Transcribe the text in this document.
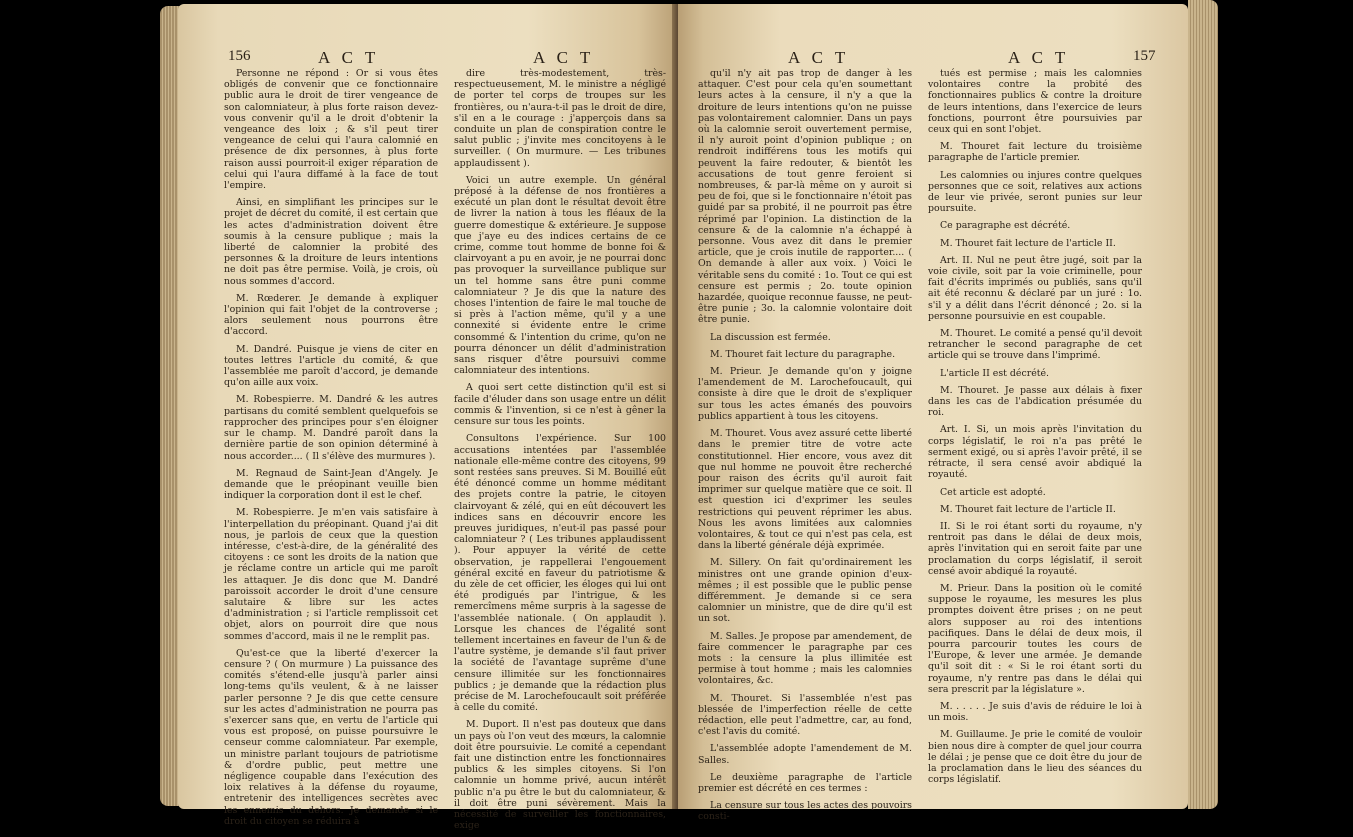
156	A C T	A C T

Personne ne répond : Or si vous êtes obligés de convenir que ce fonctionnaire public aura le droit de tirer vengeance de son calomniateur, à plus forte raison devez-vous convenir qu'il a le droit d'obtenir la vengeance des loix ; & s'il peut tirer vengeance de celui qui l'aura calomnié en présence de dix personnes, à plus forte raison aussi pourroit-il exiger réparation de celui qui l'aura diffamé à la face de tout l'empire.

Ainsi, en simplifiant les principes sur le projet de décret du comité, il est certain que les actes d'administration doivent être soumis à la censure publique ; mais la liberté de calomnier la probité des personnes & la droiture de leurs intentions ne doit pas être permise. Voilà, je crois, où nous sommes d'accord.

M. Rœderer. Je demande à expliquer l'opinion qui fait l'objet de la controverse ; alors seulement nous pourrons être d'accord.

M. Dandré. Puisque je viens de citer en toutes lettres l'article du comité, & que l'assemblée me paroît d'accord, je demande qu'on aille aux voix.

M. Robespierre. M. Dandré & les autres partisans du comité semblent quelquefois se rapprocher des principes pour s'en éloigner sur le champ. M. Dandré paroît dans la dernière partie de son opinion déterminé à nous accorder.... ( Il s'élève des murmures ).

M. Regnaud de Saint-Jean d'Angely. Je demande que le préopinant veuille bien indiquer la corporation dont il est le chef.

M. Robespierre. Je m'en vais satisfaire à l'interpellation du préopinant. Quand j'ai dit nous, je parlois de ceux que la question intéresse, c'est-à-dire, de la généralité des citoyens : ce sont les droits de la nation que je réclame contre un article qui me paroît les attaquer. Je dis donc que M. Dandré paroissoit accorder le droit d'une censure salutaire & libre sur les actes d'administration ; si l'article remplissoit cet objet, alors on pourroit dire que nous sommes d'accord, mais il ne le remplit pas.

Qu'est-ce que la liberté d'exercer la censure ? ( On murmure ) La puissance des comités s'étend-elle jusqu'à parler ainsi long-tems qu'ils veulent, & à ne laisser parler personne ? Je dis que cette censure sur les actes d'administration ne pourra pas s'exercer sans que, en vertu de l'article qui vous est proposé, on puisse poursuivre le censeur comme calomniateur. Par exemple, un ministre parlant toujours de patriotisme & d'ordre public, peut mettre une négligence coupable dans l'exécution des loix relatives à la défense du royaume, entretenir des intelligences secrètes avec les ennemis du dehors. Je demande si le droit du citoyen se réduira à

dire très-modestement, très-respectueusement, M. le ministre a négligé de porter tel corps de troupes sur les frontières, ou n'aura-t-il pas le droit de dire, s'il en a le courage : j'apperçois dans sa conduite un plan de conspiration contre le salut public ; j'invite mes concitoyens à le surveiller. ( On murmure. — Les tribunes applaudissent ).

Voici un autre exemple. Un général préposé à la défense de nos frontières a exécuté un plan dont le résultat devoit être de livrer la nation à tous les fléaux de la guerre domestique & extérieure. Je suppose que j'aye eu des indices certains de ce crime, comme tout homme de bonne foi & clairvoyant a pu en avoir, je ne pourrai donc pas provoquer la surveillance publique sur un tel homme sans être puni comme calomniateur ? Je dis que la nature des choses l'intention de faire le mal touche de si près à l'action même, qu'il y a une connexité si évidente entre le crime consommé & l'intention du crime, qu'on ne pourra dénoncer un délit d'administration sans risquer d'être poursuivi comme calomniateur des intentions.

A quoi sert cette distinction qu'il est si facile d'éluder dans son usage entre un délit commis & l'invention, si ce n'est à gêner la censure sur tous les points.

Consultons l'expérience. Sur 100 accusations intentées par l'assemblée nationale elle-même contre des citoyens, 99 sont restées sans preuves. Si M. Bouillé eût été dénoncé comme un homme méditant des projets contre la patrie, le citoyen clairvoyant & zélé, qui en eût découvert les indices sans en découvrir encore les preuves juridiques, n'eut-il pas passé pour calomniateur ? ( Les tribunes applaudissent ). Pour appuyer la vérité de cette observation, je rappellerai l'engouement général excité en faveur du patriotisme & du zèle de cet officier, les éloges qui lui ont été prodigués par l'intrigue, & les remercîmens même surpris à la sagesse de l'assemblée nationale. ( On applaudit ). Lorsque les chances de l'égalité sont tellement incertaines en faveur de l'un & de l'autre système, je demande s'il faut priver la société de l'avantage suprême d'une censure illimitée sur les fonctionnaires publics ; je demande que la rédaction plus précise de M. Larochefoucault soit préférée à celle du comité.

M. Duport. Il n'est pas douteux que dans un pays où l'on veut des mœurs, la calomnie doit être poursuivie. Le comité a cependant fait une distinction entre les fonctionnaires publics & les simples citoyens. Si l'on calomnie un homme privé, aucun intérêt public n'a pu être le but du calomniateur, & il doit être puni sévèrement. Mais la nécessité de surveiller les fonctionnaires, exige

A C T	A C T	157

qu'il n'y ait pas trop de danger à les attaquer. C'est pour cela qu'en soumettant leurs actes à la censure, il n'y a que la droiture de leurs intentions qu'on ne puisse pas volontairement calomnier. Dans un pays où la calomnie seroit ouvertement permise, il n'y auroit point d'opinion publique ; on rendroit indifférens tous les motifs qui peuvent la faire redouter, & bientôt les accusations de tout genre feroient si nombreuses, & par-là même on y auroit si peu de foi, que si le fonctionnaire n'étoit pas guidé par sa probité, il ne pourroit pas être réprimé par l'opinion. La distinction de la censure & de la calomnie n'a échappé à personne. Vous avez dit dans le premier article, que je crois inutile de rapporter.... ( On demande à aller aux voix. ) Voici le véritable sens du comité : 1o. Tout ce qui est censure est permis ; 2o. toute opinion hazardée, quoique reconnue fausse, ne peut-être punie ; 3o. la calomnie volontaire doit être punie.

La discussion est fermée.

M. Thouret fait lecture du paragraphe.

M. Prieur. Je demande qu'on y joigne l'amendement de M. Larochefoucault, qui consiste à dire que le droit de s'expliquer sur tous les actes émanés des pouvoirs publics appartient à tous les citoyens.

M. Thouret. Vous avez assuré cette liberté dans le premier titre de votre acte constitutionnel. Hier encore, vous avez dit que nul homme ne pouvoit être recherché pour raison des écrits qu'il auroit fait imprimer sur quelque matière que ce soit. Il est question ici d'exprimer les seules restrictions qui peuvent réprimer les abus. Nous les avons limitées aux calomnies volontaires, & tout ce qui n'est pas cela, est dans la liberté générale déjà exprimée.

M. Sillery. On fait qu'ordinairement les ministres ont une grande opinion d'eux-mêmes ; il est possible que le public pense différemment. Je demande si ce sera calomnier un ministre, que de dire qu'il est un sot.

M. Salles. Je propose par amendement, de faire commencer le paragraphe par ces mots : la censure la plus illimitée est permise à tout homme ; mais les calomnies volontaires, &c.

M. Thouret. Si l'assemblée n'est pas blessée de l'imperfection réelle de cette rédaction, elle peut l'admettre, car, au fond, c'est l'avis du comité.

L'assemblée adopte l'amendement de M. Salles.

Le deuxième paragraphe de l'article premier est décrété en ces termes :

La censure sur tous les actes des pouvoirs consti-

tués est permise ; mais les calomnies volontaires contre la probité des fonctionnaires publics & contre la droiture de leurs intentions, dans l'exercice de leurs fonctions, pourront être poursuivies par ceux qui en sont l'objet.

M. Thouret fait lecture du troisième paragraphe de l'article premier.

Les calomnies ou injures contre quelques personnes que ce soit, relatives aux actions de leur vie privée, seront punies sur leur poursuite.

Ce paragraphe est décrété.

M. Thouret fait lecture de l'article II.

Art. II. Nul ne peut être jugé, soit par la voie civile, soit par la voie criminelle, pour fait d'écrits imprimés ou publiés, sans qu'il ait été reconnu & déclaré par un juré : 1o. s'il y a délit dans l'écrit dénoncé ; 2o. si la personne poursuivie en est coupable.

M. Thouret. Le comité a pensé qu'il devoit retrancher le second paragraphe de cet article qui se trouve dans l'imprimé.

L'article II est décrété.

M. Thouret. Je passe aux délais à fixer dans les cas de l'abdication présumée du roi.

Art. I. Si, un mois après l'invitation du corps législatif, le roi n'a pas prêté le serment exigé, ou si après l'avoir prêté, il se rétracte, il sera censé avoir abdiqué la royauté.

Cet article est adopté.

M. Thouret fait lecture de l'article II.

II. Si le roi étant sorti du royaume, n'y rentroit pas dans le délai de deux mois, après l'invitation qui en seroit faite par une proclamation du corps législatif, il seroit censé avoir abdiqué la royauté.

M. Prieur. Dans la position où le comité suppose le royaume, les mesures les plus promptes doivent être prises ; on ne peut alors supposer au roi des intentions pacifiques. Dans le délai de deux mois, il pourra parcourir toutes les cours de l'Europe, & lever une armée. Je demande qu'il soit dit : « Si le roi étant sorti du royaume, n'y rentre pas dans le délai qui sera prescrit par la législature ».

M. . . . . . Je suis d'avis de réduire le loi à un mois.

M. Guillaume. Je prie le comité de vouloir bien nous dire à compter de quel jour courra le délai ; je pense que ce doit être du jour de la proclamation dans le lieu des séances du corps législatif.
